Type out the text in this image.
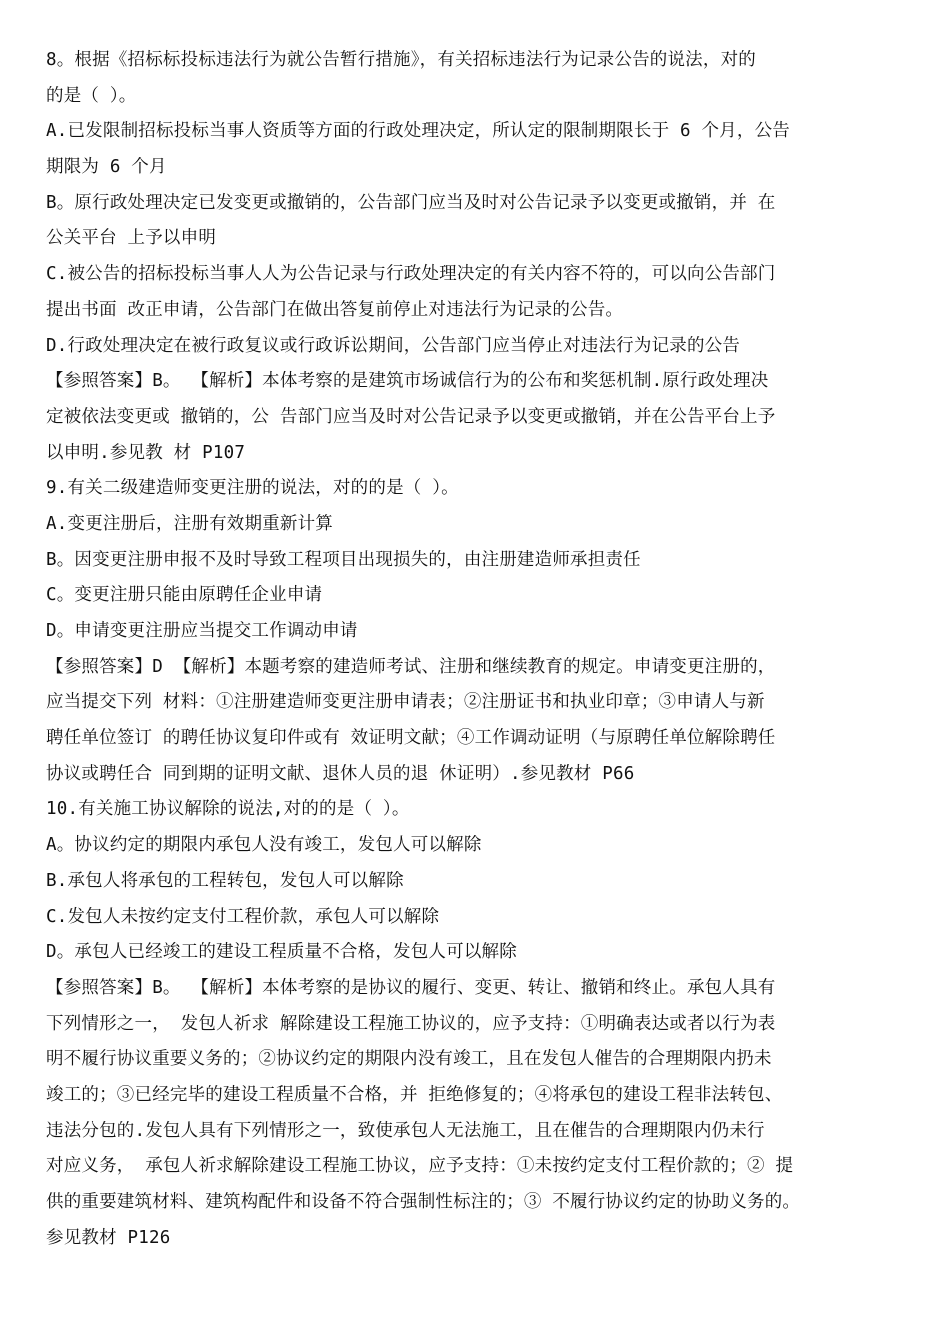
8。根据《招标标投标违法行为就公告暂行措施》，有关招标违法行为记录公告的说法，对的
的是（ ）。
A.已发限制招标投标当事人资质等方面的行政处理决定，所认定的限制期限长于 6 个月，公告
期限为 6 个月
B。原行政处理决定已发变更或撤销的，公告部门应当及时对公告记录予以变更或撤销，并 在
公关平台 上予以申明
C.被公告的招标投标当事人人为公告记录与行政处理决定的有关内容不符的，可以向公告部门
提出书面 改正申请，公告部门在做出答复前停止对违法行为记录的公告。
D.行政处理决定在被行政复议或行政诉讼期间，公告部门应当停止对违法行为记录的公告
【参照答案】B。 【解析】本体考察的是建筑市场诚信行为的公布和奖惩机制.原行政处理决
定被依法变更或 撤销的，公 告部门应当及时对公告记录予以变更或撤销，并在公告平台上予
以申明.参见教 材 P107
9.有关二级建造师变更注册的说法，对的的是（ ）。
A.变更注册后，注册有效期重新计算
B。因变更注册申报不及时导致工程项目出现损失的，由注册建造师承担责任
C。变更注册只能由原聘任企业申请
D。申请变更注册应当提交工作调动申请
【参照答案】D 【解析】本题考察的建造师考试、注册和继续教育的规定。申请变更注册的，
应当提交下列 材料：①注册建造师变更注册申请表；②注册证书和执业印章；③申请人与新
聘任单位签订 的聘任协议复印件或有 效证明文献；④工作调动证明（与原聘任单位解除聘任
协议或聘任合 同到期的证明文献、退休人员的退 休证明）.参见教材 P66
10.有关施工协议解除的说法,对的的是（ ）。
A。协议约定的期限内承包人没有竣工，发包人可以解除
B.承包人将承包的工程转包，发包人可以解除
C.发包人未按约定支付工程价款，承包人可以解除
D。承包人已经竣工的建设工程质量不合格，发包人可以解除
【参照答案】B。 【解析】本体考察的是协议的履行、变更、转让、撤销和终止。承包人具有
下列情形之一， 发包人祈求 解除建设工程施工协议的，应予支持：①明确表达或者以行为表
明不履行协议重要义务的；②协议约定的期限内没有竣工，且在发包人催告的合理期限内扔未
竣工的；③已经完毕的建设工程质量不合格，并 拒绝修复的；④将承包的建设工程非法转包、
违法分包的.发包人具有下列情形之一，致使承包人无法施工，且在催告的合理期限内仍未行
对应义务， 承包人祈求解除建设工程施工协议，应予支持：①未按约定支付工程价款的；② 提
供的重要建筑材料、建筑构配件和设备不符合强制性标注的；③ 不履行协议约定的协助义务的。
参见教材 P126
